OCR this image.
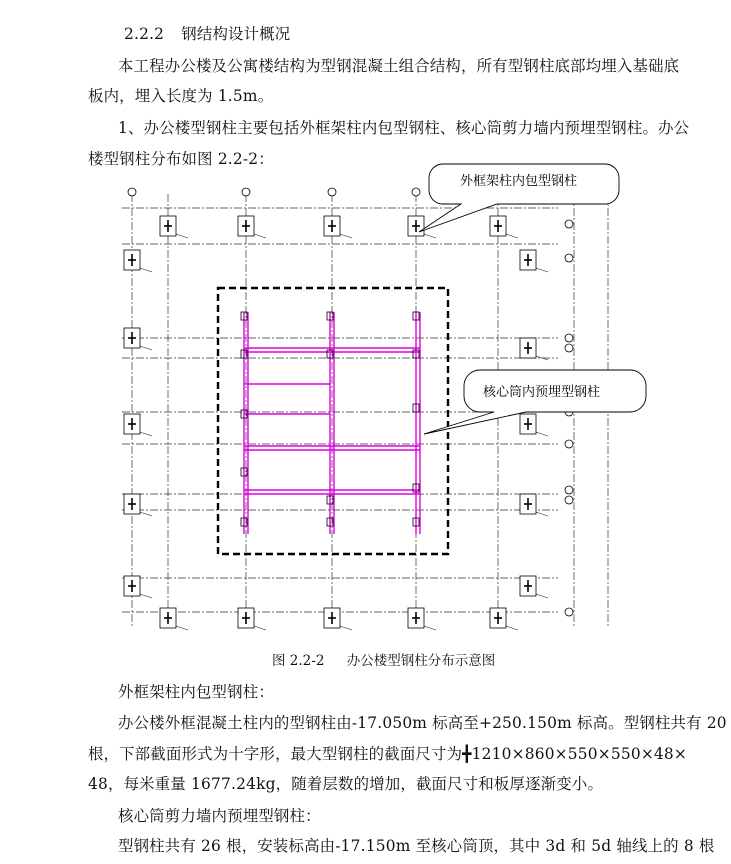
2.2.2 钢结构设计概况
本工程办公楼及公寓楼结构为型钢混凝土组合结构，所有型钢柱底部均埋入基础底
板内，埋入长度为 1.5m。
1、办公楼型钢柱主要包括外框架柱内包型钢柱、核心筒剪力墙内预埋型钢柱。办公
楼型钢柱分布如图 2.2-2：
外框架柱内包型钢柱
核心筒内预埋型钢柱
图 2.2-2 办公楼型钢柱分布示意图
外框架柱内包型钢柱：
办公楼外框混凝土柱内的型钢柱由-17.050m 标高至+250.150m 标高。型钢柱共有 20
根，下部截面形式为十字形，最大型钢柱的截面尺寸为╋1210×860×550×550×48×
48，每米重量 1677.24kg，随着层数的增加，截面尺寸和板厚逐渐变小。
核心筒剪力墙内预埋型钢柱：
型钢柱共有 26 根，安装标高由-17.150m 至核心筒顶，其中 3d 和 5d 轴线上的 8 根
